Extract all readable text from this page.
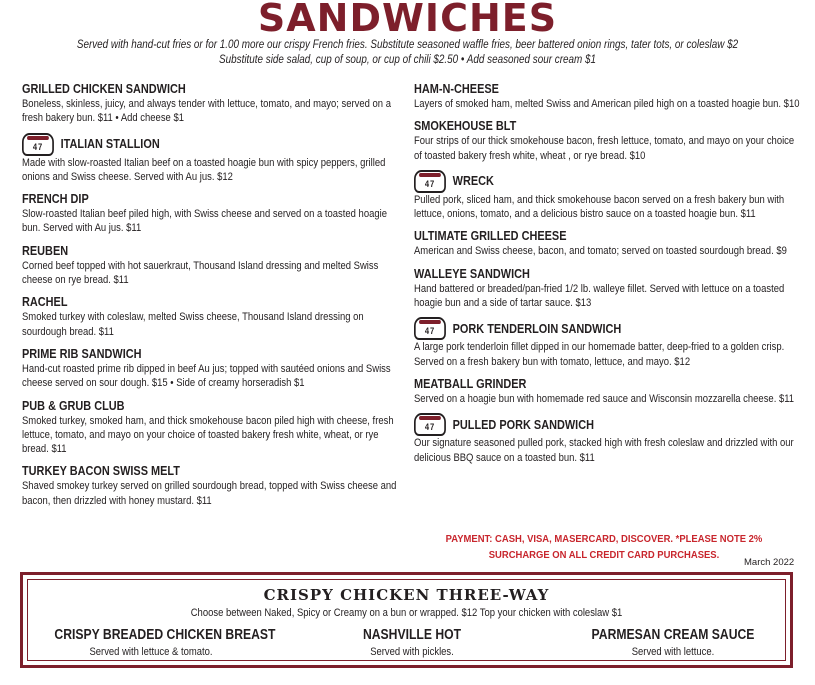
SANDWICHES
Served with hand-cut fries or for 1.00 more our crispy French fries. Substitute seasoned waffle fries, beer battered onion rings, tater tots, or coleslaw $2
Substitute side salad, cup of soup, or cup of chili $2.50 • Add seasoned sour cream $1
GRILLED CHICKEN SANDWICH
Boneless, skinless, juicy, and always tender with lettuce, tomato, and mayo; served on a fresh bakery bun. $11 • Add cheese $1
47 ITALIAN STALLION
Made with slow-roasted Italian beef on a toasted hoagie bun with spicy peppers, grilled onions and Swiss cheese. Served with Au jus. $12
FRENCH DIP
Slow-roasted Italian beef piled high, with Swiss cheese and served on a toasted hoagie bun. Served with Au jus. $11
REUBEN
Corned beef topped with hot sauerkraut, Thousand Island dressing and melted Swiss cheese on rye bread. $11
RACHEL
Smoked turkey with coleslaw, melted Swiss cheese, Thousand Island dressing on sourdough bread. $11
PRIME RIB SANDWICH
Hand-cut roasted prime rib dipped in beef Au jus; topped with sautéed onions and Swiss cheese served on sour dough. $15 • Side of creamy horseradish $1
PUB & GRUB CLUB
Smoked turkey, smoked ham, and thick smokehouse bacon piled high with cheese, fresh lettuce, tomato, and mayo on your choice of toasted bakery fresh white, wheat, or rye bread. $11
TURKEY BACON SWISS MELT
Shaved smokey turkey served on grilled sourdough bread, topped with Swiss cheese and bacon, then drizzled with honey mustard. $11
HAM-N-CHEESE
Layers of smoked ham, melted Swiss and American piled high on a toasted hoagie bun. $10
SMOKEHOUSE BLT
Four strips of our thick smokehouse bacon, fresh lettuce, tomato, and mayo on your choice of toasted bakery fresh white, wheat , or rye bread. $10
47 WRECK
Pulled pork, sliced ham, and thick smokehouse bacon served on a fresh bakery bun with lettuce, onions, tomato, and a delicious bistro sauce on a toasted hoagie bun. $11
ULTIMATE GRILLED CHEESE
American and Swiss cheese, bacon, and tomato; served on toasted sourdough bread. $9
WALLEYE SANDWICH
Hand battered or breaded/pan-fried 1/2 lb. walleye fillet. Served with lettuce on a toasted hoagie bun and a side of tartar sauce. $13
47 PORK TENDERLOIN SANDWICH
A large pork tenderloin fillet dipped in our homemade batter, deep-fried to a golden crisp. Served on a fresh bakery bun with tomato, lettuce, and mayo. $12
MEATBALL GRINDER
Served on a hoagie bun with homemade red sauce and Wisconsin mozzarella cheese. $11
47 PULLED PORK SANDWICH
Our signature seasoned pulled pork, stacked high with fresh coleslaw and drizzled with our delicious BBQ sauce on a toasted bun. $11
PAYMENT: CASH, VISA, MASERCARD, DISCOVER. *PLEASE NOTE 2%
SURCHARGE ON ALL CREDIT CARD PURCHASES.
March 2022
CRISPY CHICKEN THREE-WAY
Choose between Naked, Spicy or Creamy on a bun or wrapped. $12 Top your chicken with coleslaw $1
CRISPY BREADED CHICKEN BREAST
Served with lettuce & tomato.
NASHVILLE HOT
Served with pickles.
PARMESAN CREAM SAUCE
Served with lettuce.
